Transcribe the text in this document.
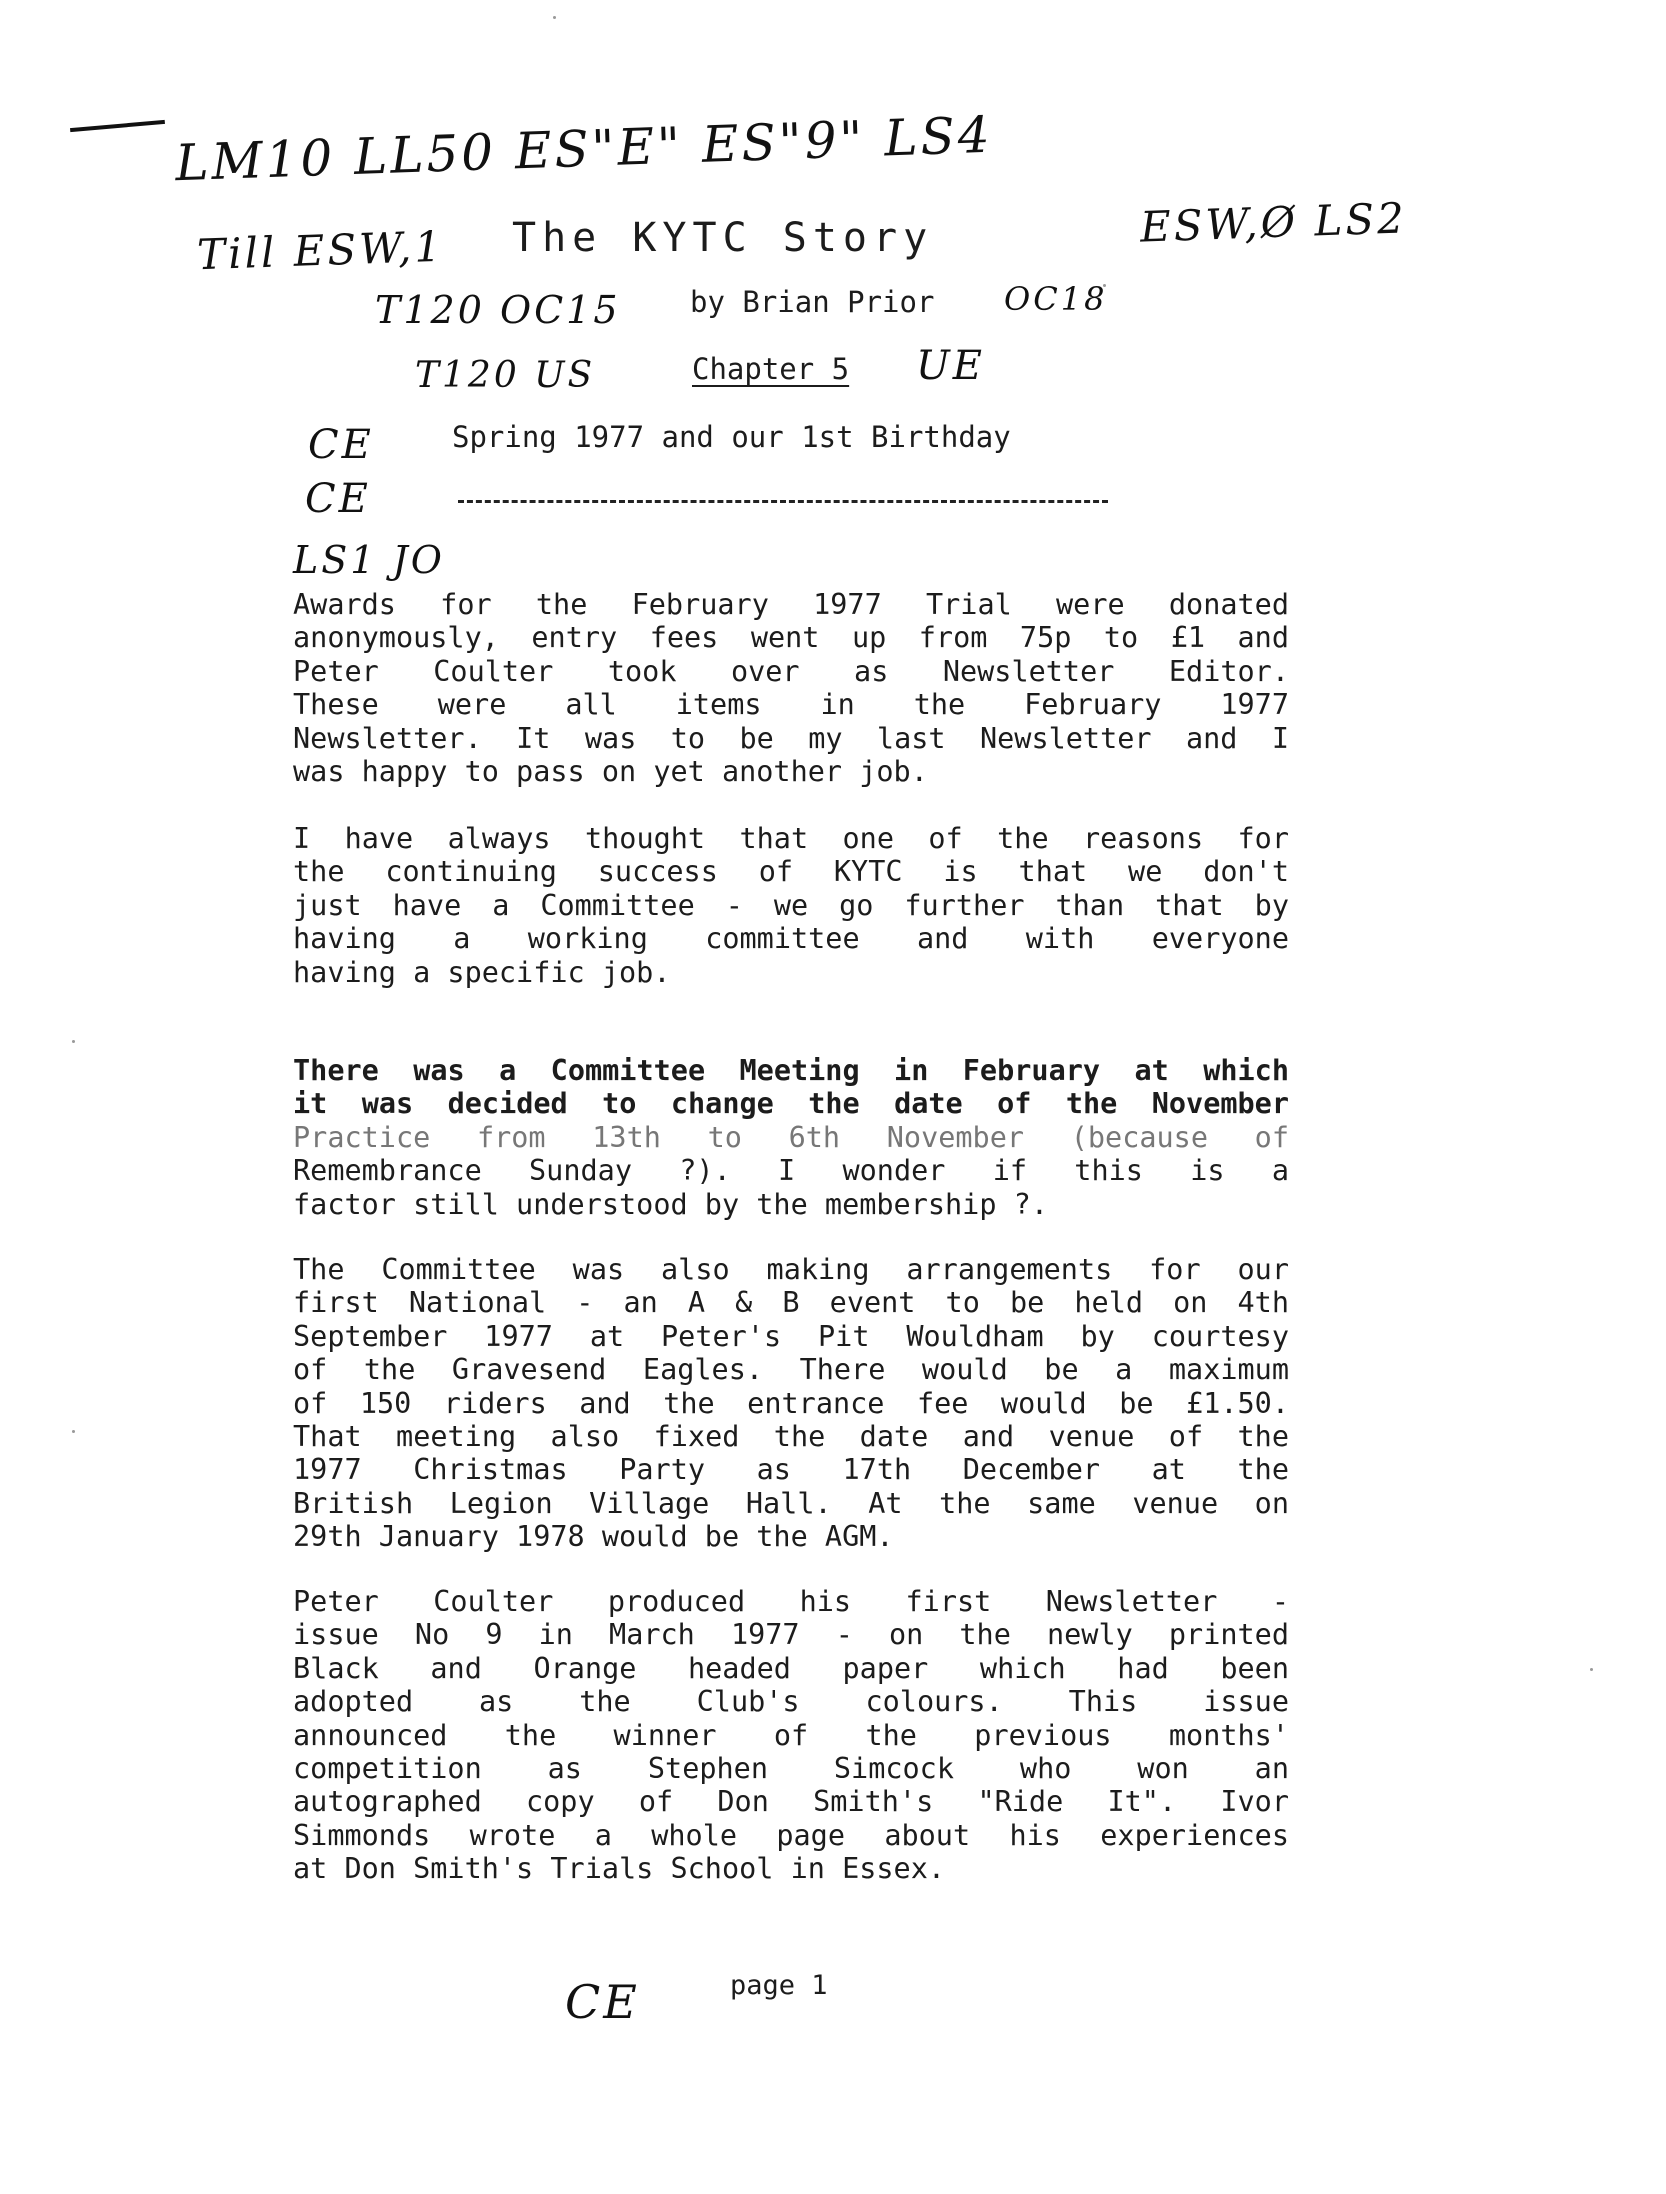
LM10 LL50 ES"E" ES"9" LS4
Till ESW,1 The KYTC Story	ESW,Ø LS2
T120 OC15 by Brian Prior OC18
T120 US	Chapter 5 UE
CE	Spring 1977 and our 1st Birthday
CE
LS1 JO
Awards for the February 1977 Trial were donated
anonymously, entry fees went up from 75p to £1 and
Peter Coulter took over as Newsletter Editor.
These were all items in the February 1977
Newsletter. It was to be my last Newsletter and I
was happy to pass on yet another job.
I have always thought that one of the reasons for
the continuing success of KYTC is that we don't
just have a Committee - we go further than that by
having a working committee and with everyone
having a specific job.
There was a Committee Meeting in February at which
it was decided to change the date of the November
Practice from 13th to 6th November (because of
Remembrance Sunday ?). I wonder if this is a
factor still understood by the membership ?.
The Committee was also making arrangements for our
first National - an A & B event to be held on 4th
September 1977 at Peter's Pit Wouldham by courtesy
of the Gravesend Eagles. There would be a maximum
of 150 riders and the entrance fee would be £1.50.
That meeting also fixed the date and venue of the
1977 Christmas Party as 17th December at the
British Legion Village Hall. At the same venue on
29th January 1978 would be the AGM.
Peter Coulter produced his first Newsletter -
issue No 9 in March 1977 - on the newly printed
Black and Orange headed paper which had been
adopted as the Club's colours. This issue
announced the winner of the previous months'
competition as Stephen Simcock who won an
autographed copy of Don Smith's "Ride It". Ivor
Simmonds wrote a whole page about his experiences
at Don Smith's Trials School in Essex.
CE	page 1
